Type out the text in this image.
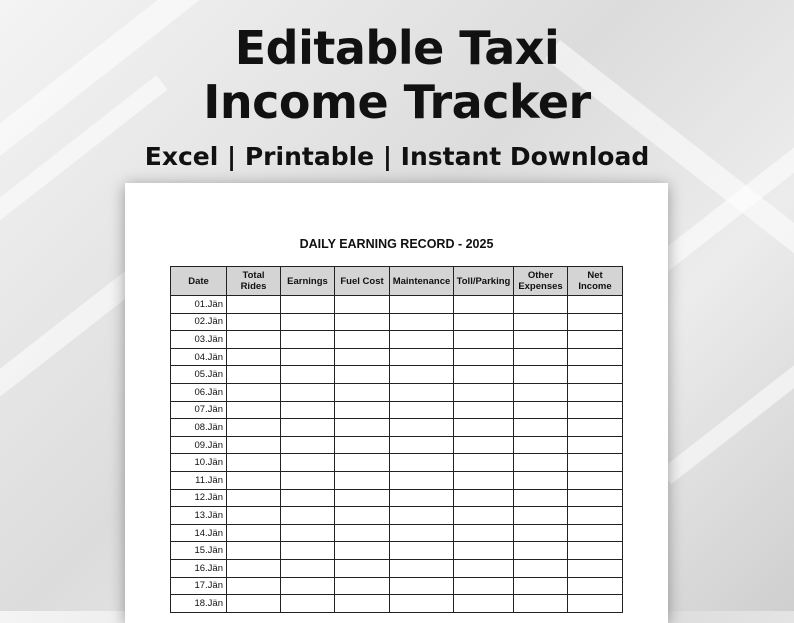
Editable Taxi
Income Tracker
Excel | Printable | Instant Download
DAILY EARNING RECORD - 2025
Date	Total Rides	Earnings	Fuel Cost	Maintenance	Toll/Parking	Other Expenses	Net Income
01.Jän							
02.Jän							
03.Jän							
04.Jän							
05.Jän							
06.Jän							
07.Jän							
08.Jän							
09.Jän							
10.Jän							
11.Jän							
12.Jän							
13.Jän							
14.Jän							
15.Jän							
16.Jän							
17.Jän							
18.Jän							
